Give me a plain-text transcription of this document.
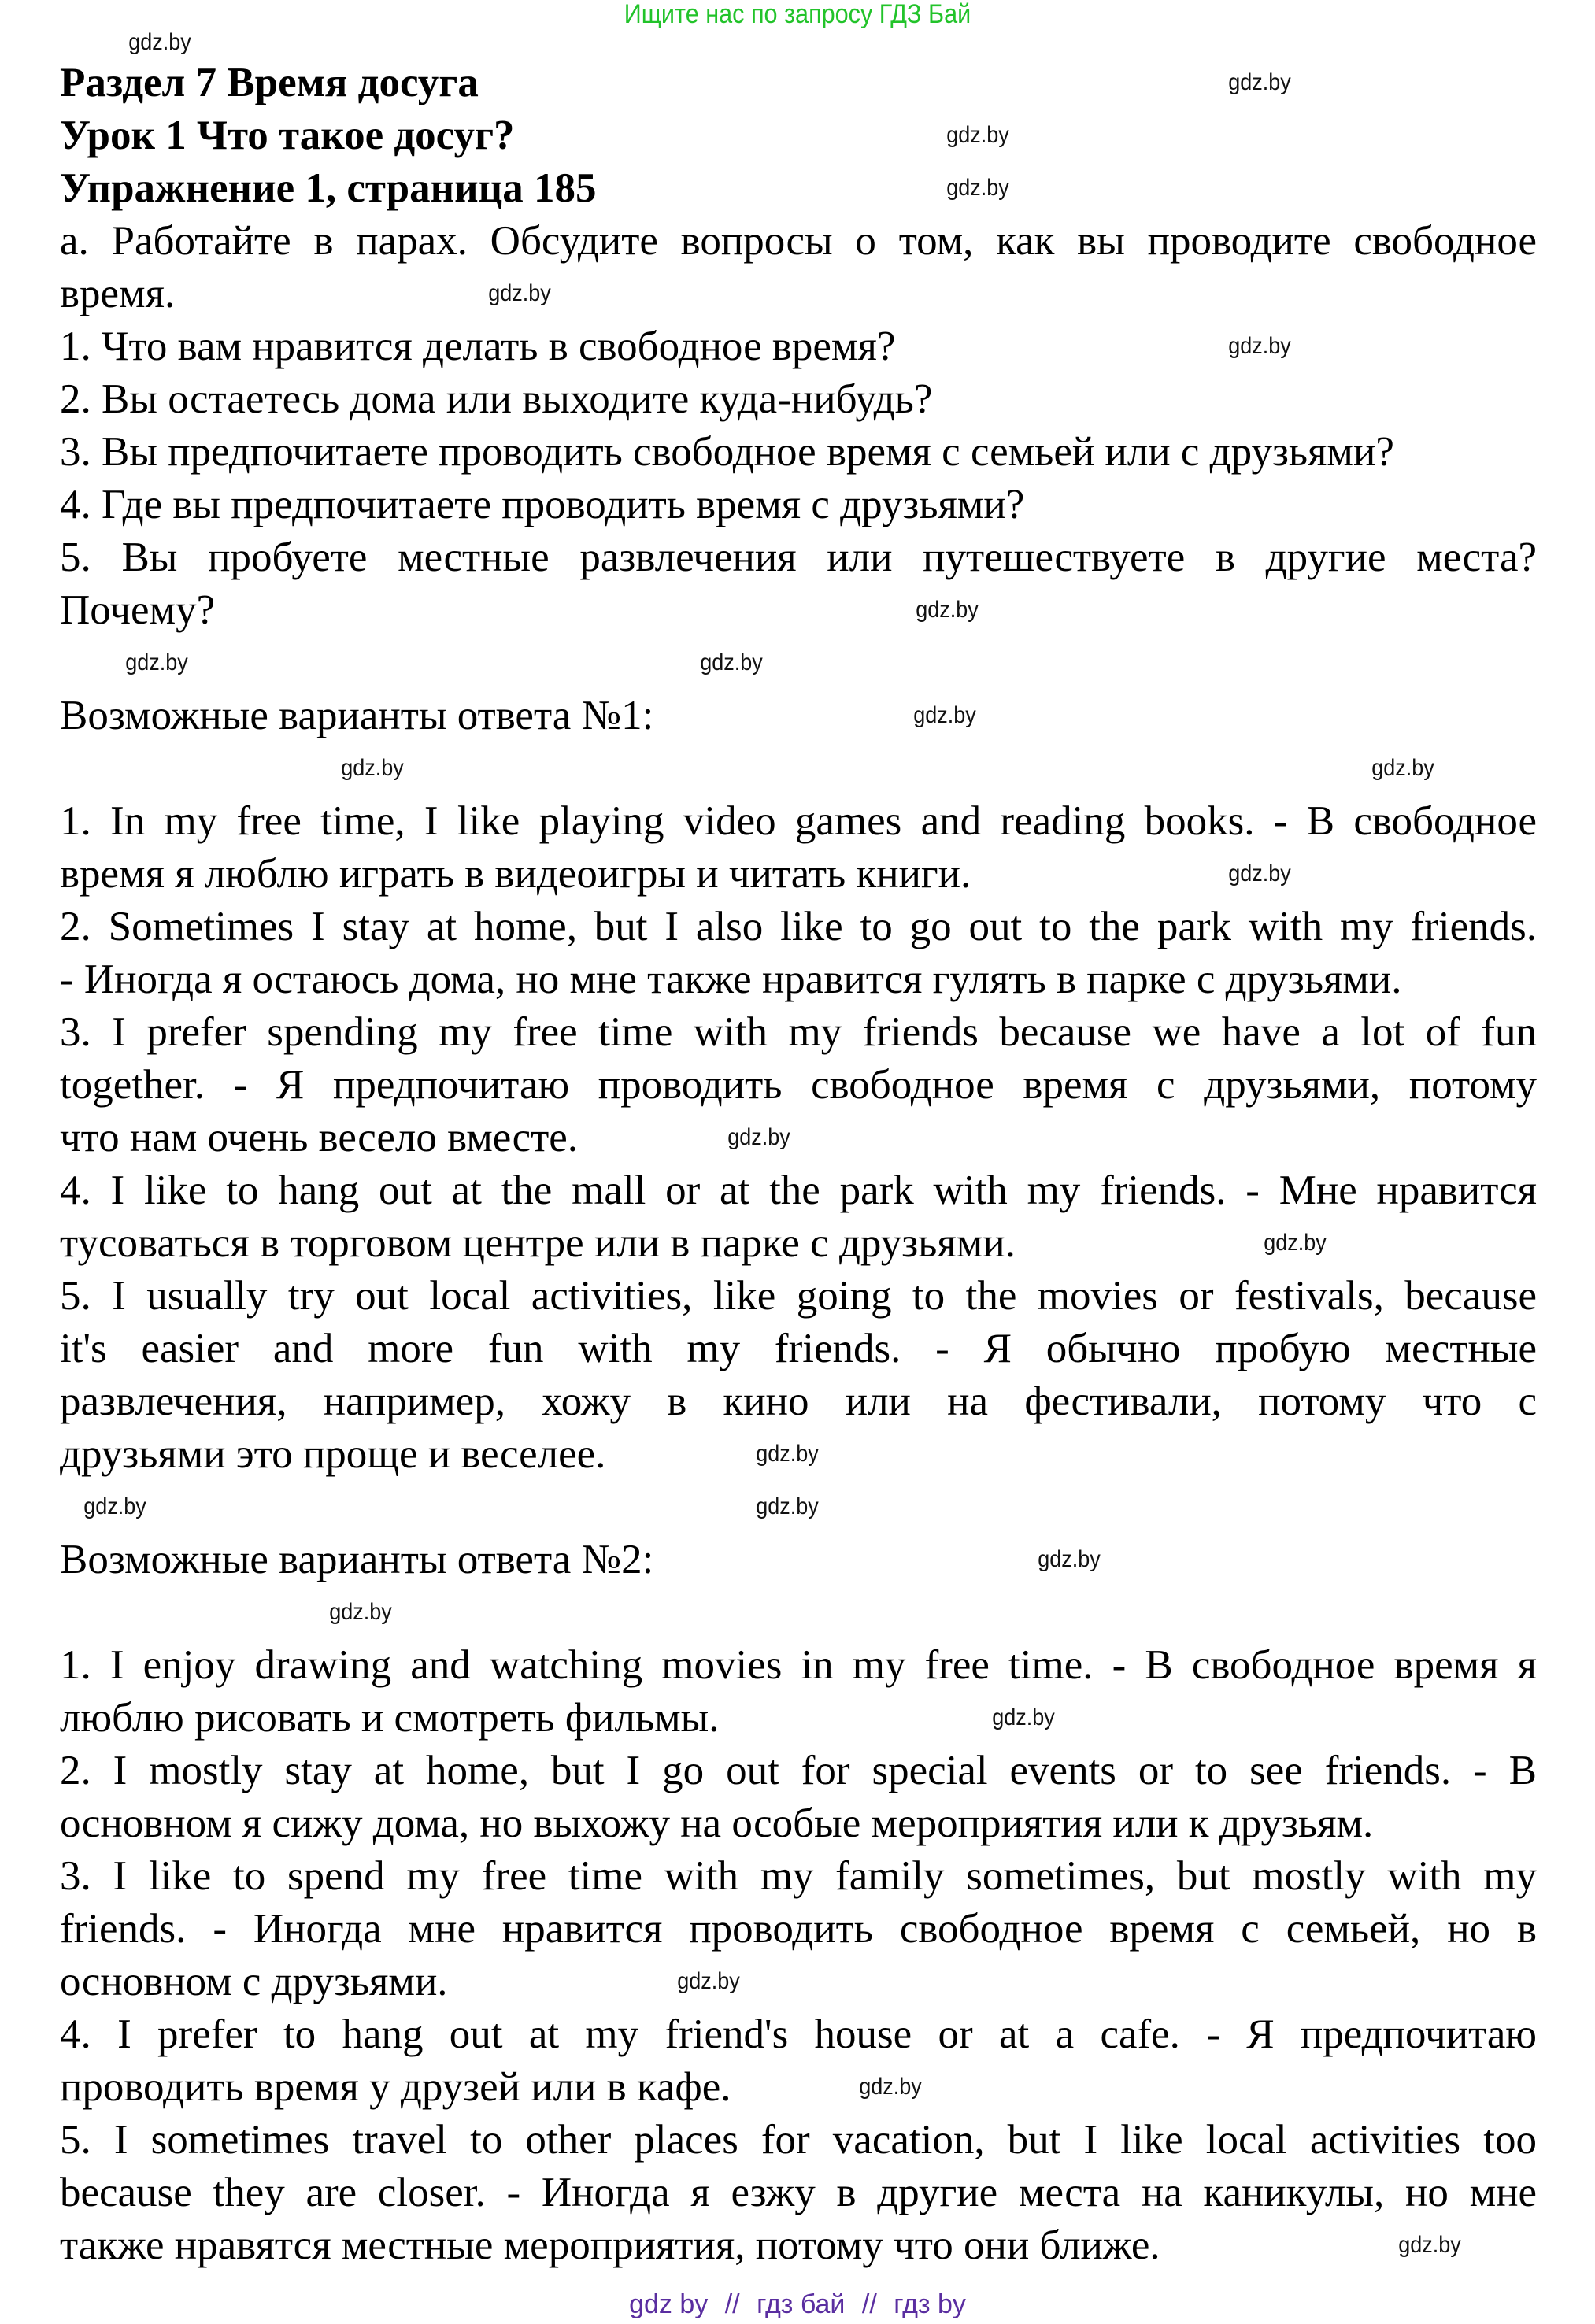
Ищите нас по запросу ГДЗ Бай
Раздел 7 Время досуга
Урок 1 Что такое досуг?
Упражнение 1, страница 185
а. Работайте в парах. Обсудите вопросы о том, как вы проводите свободное
время.
1. Что вам нравится делать в свободное время?
2. Вы остаетесь дома или выходите куда-нибудь?
3. Вы предпочитаете проводить свободное время с семьей или с друзьями?
4. Где вы предпочитаете проводить время с друзьями?
5. Вы пробуете местные развлечения или путешествуете в другие места?
Почему?
Возможные варианты ответа №1:
1. In my free time, I like playing video games and reading books. - В свободное
время я люблю играть в видеоигры и читать книги.
2. Sometimes I stay at home, but I also like to go out to the park with my friends.
- Иногда я остаюсь дома, но мне также нравится гулять в парке с друзьями.
3. I prefer spending my free time with my friends because we have a lot of fun
together. - Я предпочитаю проводить свободное время с друзьями, потому
что нам очень весело вместе.
4. I like to hang out at the mall or at the park with my friends. - Мне нравится
тусоваться в торговом центре или в парке с друзьями.
5. I usually try out local activities, like going to the movies or festivals, because
it's easier and more fun with my friends. - Я обычно пробую местные
развлечения, например, хожу в кино или на фестивали, потому что с
друзьями это проще и веселее.
Возможные варианты ответа №2:
1. I enjoy drawing and watching movies in my free time. - В свободное время я
люблю рисовать и смотреть фильмы.
2. I mostly stay at home, but I go out for special events or to see friends. - В
основном я сижу дома, но выхожу на особые мероприятия или к друзьям.
3. I like to spend my free time with my family sometimes, but mostly with my
friends. - Иногда мне нравится проводить свободное время с семьей, но в
основном с друзьями.
4. I prefer to hang out at my friend's house or at a cafe. - Я предпочитаю
проводить время у друзей или в кафе.
5. I sometimes travel to other places for vacation, but I like local activities too
because they are closer. - Иногда я езжу в другие места на каникулы, но мне
также нравятся местные мероприятия, потому что они ближе.
gdz.by
gdz.by
gdz.by
gdz.by
gdz.by
gdz.by
gdz.by
gdz.by
gdz.by
gdz.by
gdz.by	gdz.by
gdz.by
gdz.by
gdz.by
gdz.by
gdz.by	gdz.by
gdz.by
gdz.by
gdz.by
gdz.by
gdz.by
gdz.by
gdz by // гдз бай // гдз by
